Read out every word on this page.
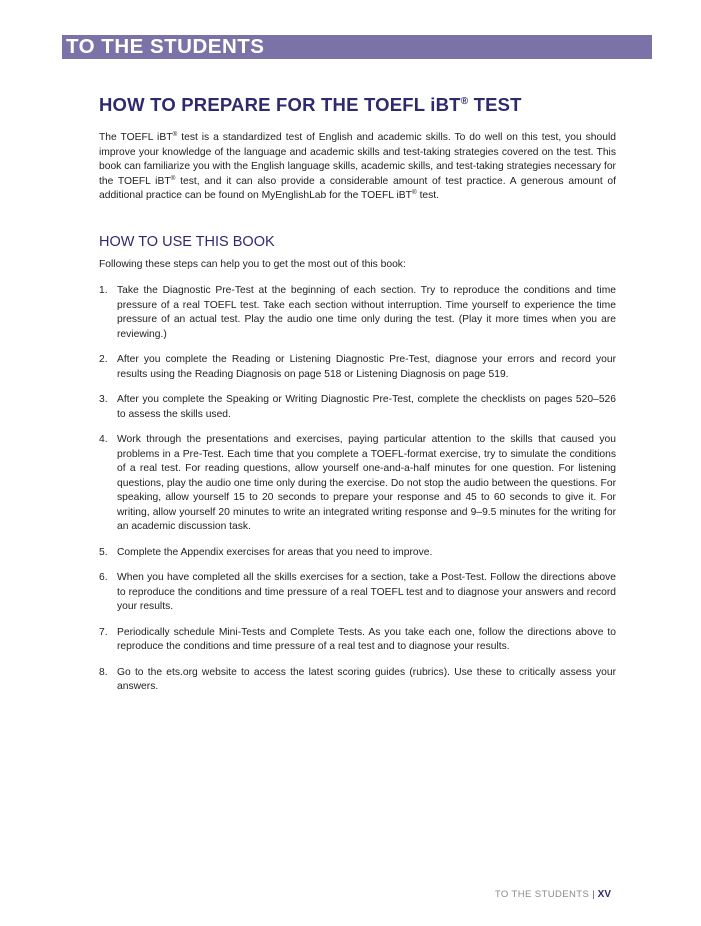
TO THE STUDENTS
HOW TO PREPARE FOR THE TOEFL iBT® TEST

The TOEFL iBT® test is a standardized test of English and academic skills. To do well on this test, you should improve your knowledge of the language and academic skills and test-taking strategies covered on the test. This book can familiarize you with the English language skills, academic skills, and test-taking strategies necessary for the TOEFL iBT® test, and it can also provide a considerable amount of test practice. A generous amount of additional practice can be found on MyEnglishLab for the TOEFL iBT® test.

HOW TO USE THIS BOOK

Following these steps can help you to get the most out of this book:

1. Take the Diagnostic Pre-Test at the beginning of each section. Try to reproduce the conditions and time pressure of a real TOEFL test. Take each section without interruption. Time yourself to experience the time pressure of an actual test. Play the audio one time only during the test. (Play it more times when you are reviewing.)
2. After you complete the Reading or Listening Diagnostic Pre-Test, diagnose your errors and record your results using the Reading Diagnosis on page 518 or Listening Diagnosis on page 519.
3. After you complete the Speaking or Writing Diagnostic Pre-Test, complete the checklists on pages 520–526 to assess the skills used.
4. Work through the presentations and exercises, paying particular attention to the skills that caused you problems in a Pre-Test. Each time that you complete a TOEFL-format exercise, try to simulate the conditions of a real test. For reading questions, allow yourself one-and-a-half minutes for one question. For listening questions, play the audio one time only during the exercise. Do not stop the audio between the questions. For speaking, allow yourself 15 to 20 seconds to prepare your response and 45 to 60 seconds to give it. For writing, allow yourself 20 minutes to write an integrated writing response and 9–9.5 minutes for the writing for an academic discussion task.
5. Complete the Appendix exercises for areas that you need to improve.
6. When you have completed all the skills exercises for a section, take a Post-Test. Follow the directions above to reproduce the conditions and time pressure of a real TOEFL test and to diagnose your answers and record your results.
7. Periodically schedule Mini-Tests and Complete Tests. As you take each one, follow the directions above to reproduce the conditions and time pressure of a real test and to diagnose your results.
8. Go to the ets.org website to access the latest scoring guides (rubrics). Use these to critically assess your answers.
TO THE STUDENTS | XV
